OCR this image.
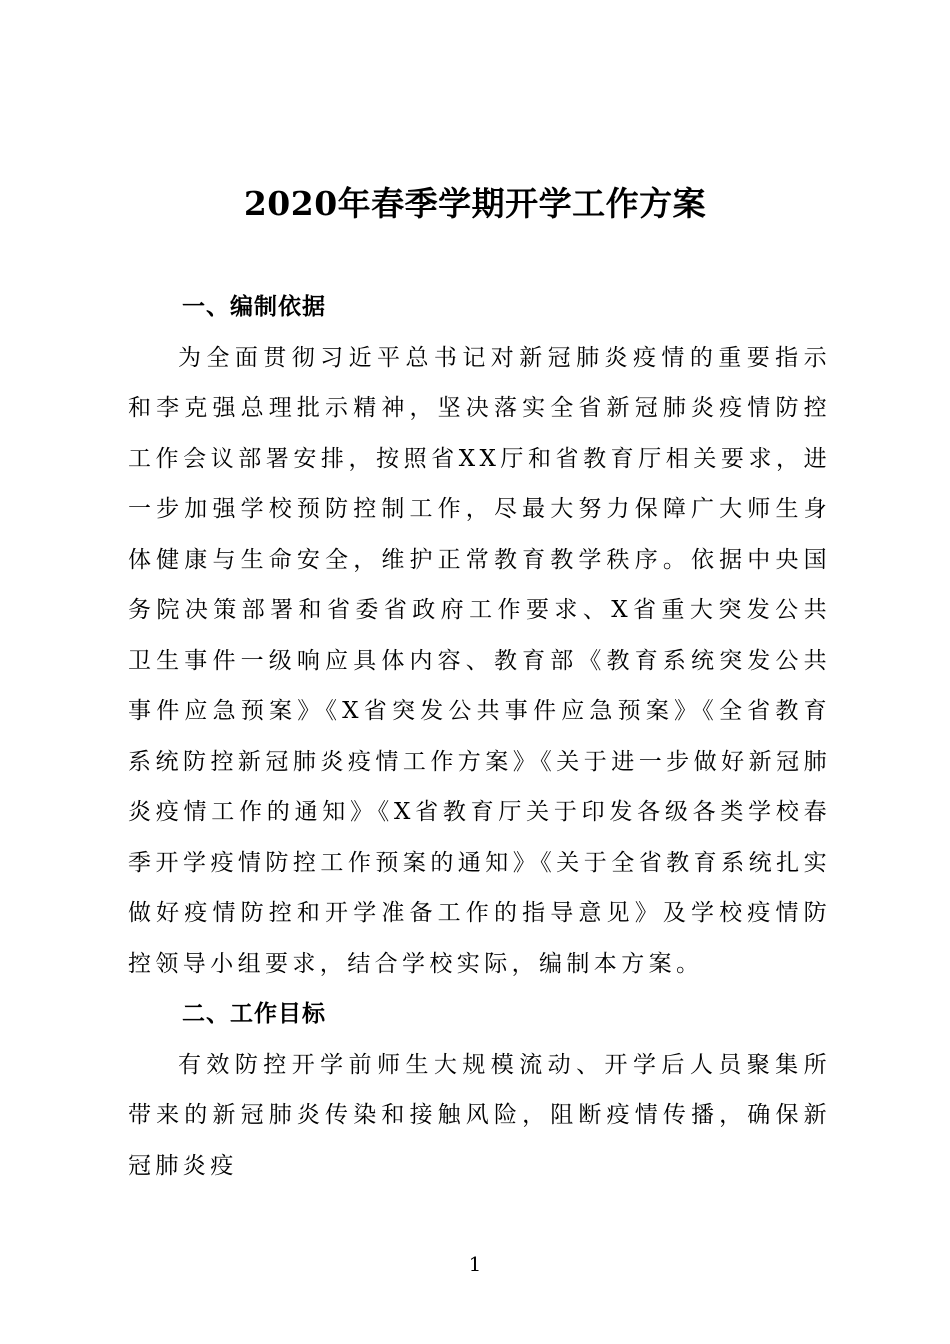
2020年春季学期开学工作方案
一、编制依据

为全面贯彻习近平总书记对新冠肺炎疫情的重要指示和李克强总理批示精神，坚决落实全省新冠肺炎疫情防控工作会议部署安排，按照省XX厅和省教育厅相关要求，进一步加强学校预防控制工作，尽最大努力保障广大师生身体健康与生命安全，维护正常教育教学秩序。依据中央国务院决策部署和省委省政府工作要求、X省重大突发公共卫生事件一级响应具体内容、教育部《教育系统突发公共事件应急预案》《X省突发公共事件应急预案》《全省教育系统防控新冠肺炎疫情工作方案》《关于进一步做好新冠肺炎疫情工作的通知》《X省教育厅关于印发各级各类学校春季开学疫情防控工作预案的通知》《关于全省教育系统扎实做好疫情防控和开学准备工作的指导意见》及学校疫情防控领导小组要求，结合学校实际，编制本方案。

二、工作目标

有效防控开学前师生大规模流动、开学后人员聚集所带来的新冠肺炎传染和接触风险，阻断疫情传播，确保新冠肺炎疫

1
